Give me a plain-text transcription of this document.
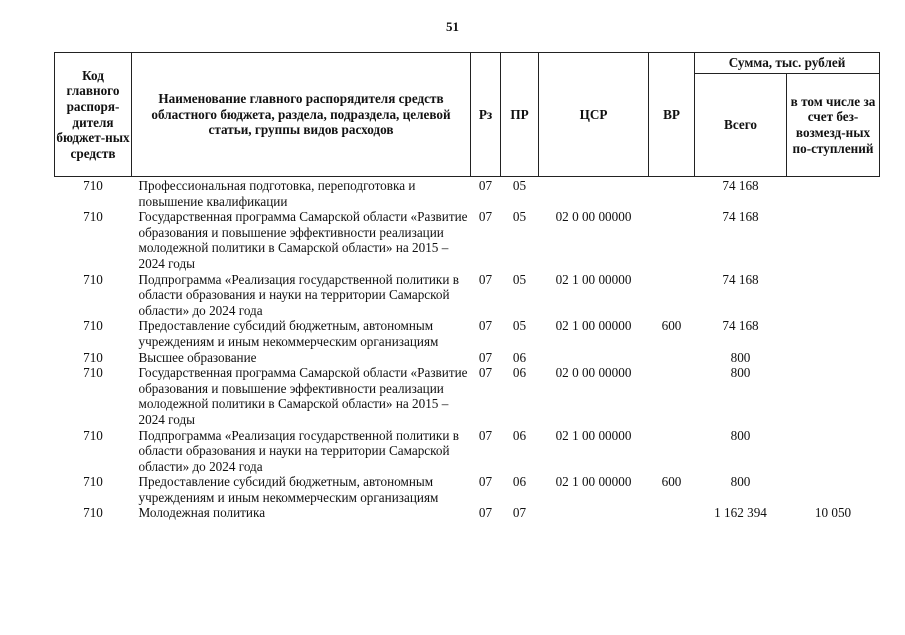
51
Код главного распоря-дителя бюджет-ных средств	Наименование главного распорядителя средств областного бюджета, раздела, подраздела, целевой статьи, группы видов расходов	Рз	ПР	ЦСР	ВР	Сумма, тыс. рублей	
						Всего	в том числе за счет без-возмезд-ных по-ступлений
710	Профессиональная подготовка, переподготовка и повышение квалификации	07	05			74 168	
710	Государственная программа Самарской области «Развитие образования и повышение эффективности реализации молодежной политики в Самарской области» на 2015 – 2024 годы	07	05	02 0 00 00000		74 168	
710	Подпрограмма «Реализация государственной политики в области образования и науки на территории Самарской области» до 2024 года	07	05	02 1 00 00000		74 168	
710	Предоставление субсидий бюджетным, автономным учреждениям и иным некоммерческим организациям	07	05	02 1 00 00000	600	74 168	
710	Высшее образование	07	06			800	
710	Государственная программа Самарской области «Развитие образования и повышение эффективности реализации молодежной политики в Самарской области» на 2015 – 2024 годы	07	06	02 0 00 00000		800	
710	Подпрограмма «Реализация государственной политики в области образования и науки на территории Самарской области» до 2024 года	07	06	02 1 00 00000		800	
710	Предоставление субсидий бюджетным, автономным учреждениям и иным некоммерческим организациям	07	06	02 1 00 00000	600	800	
710	Молодежная политика	07	07			1 162 394	10 050
